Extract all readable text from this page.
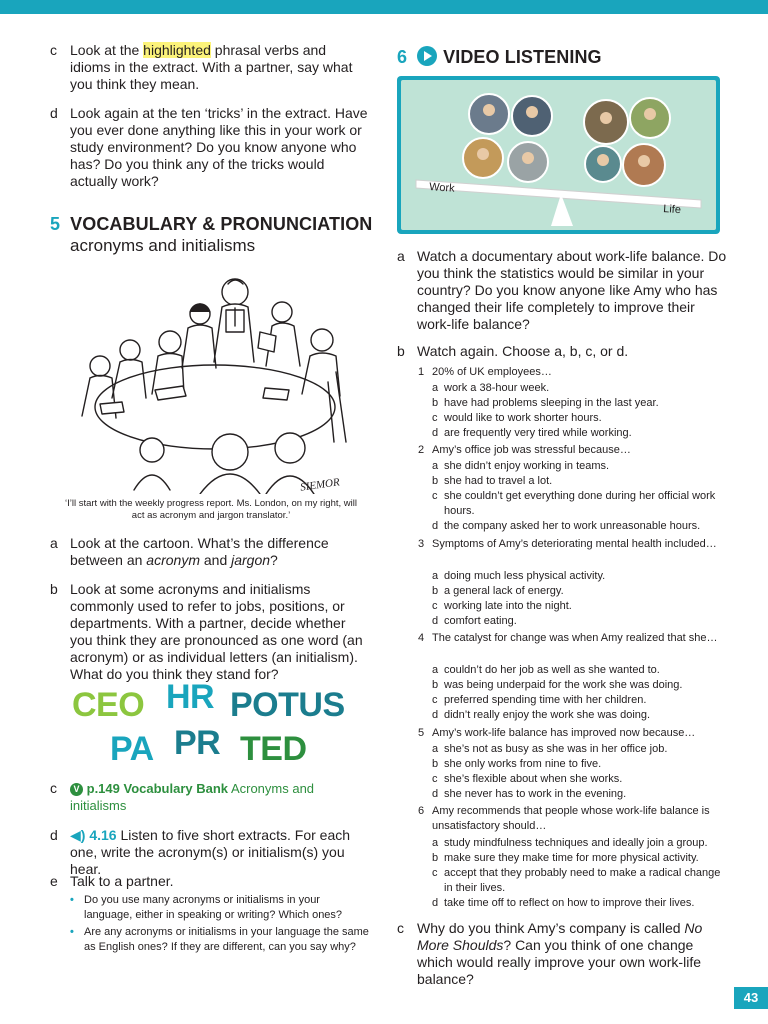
c Look at the highlighted phrasal verbs and idioms in the extract. With a partner, say what you think they mean.
d Look again at the ten ‘tricks’ in the extract. Have you ever done anything like this in your work or study environment? Do you know anyone who has? Do you think any of the tricks would actually work?
5 VOCABULARY & PRONUNCIATION
acronyms and initialisms
SIEMOR
‘I’ll start with the weekly progress report. Ms. London, on my right, will act as acronym and jargon translator.’
a Look at the cartoon. What’s the difference between an acronym and jargon?
b Look at some acronyms and initialisms commonly used to refer to jobs, positions, or departments. With a partner, decide whether you think they are pronounced as one word (an acronym) or as individual letters (an initialism). What do you think they stand for?
CEO HR POTUS
PA PR TED
c	V p.149 Vocabulary Bank Acronyms and initialisms
d ◀) 4.16 Listen to five short extracts. For each one, write the acronym(s) or initialism(s) you hear.
e Talk to a partner.
• Do you use many acronyms or initialisms in your language, either in speaking or writing? Which ones?
• Are any acronyms or initialisms in your language the same as English ones? If they are different, can you say why?
6 VIDEO LISTENING
Work
Life
a Watch a documentary about work-life balance. Do you think the statistics would be similar in your country? Do you know anyone like Amy who has changed their life completely to improve their work-life balance?
b Watch again. Choose a, b, c, or d.
1 20% of UK employees…
a work a 38-hour week.
b have had problems sleeping in the last year.
c would like to work shorter hours.
d are frequently very tired while working.
2 Amy’s office job was stressful because…
a she didn’t enjoy working in teams.
b she had to travel a lot.
c she couldn’t get everything done during her official work hours.
d the company asked her to work unreasonable hours.
3 Symptoms of Amy’s deteriorating mental health included…
a doing much less physical activity.
b a general lack of energy.
c working late into the night.
d comfort eating.
4 The catalyst for change was when Amy realized that she…
a couldn’t do her job as well as she wanted to.
b was being underpaid for the work she was doing.
c preferred spending time with her children.
d didn’t really enjoy the work she was doing.
5 Amy’s work-life balance has improved now because…
a she’s not as busy as she was in her office job.
b she only works from nine to five.
c she’s flexible about when she works.
d she never has to work in the evening.
6 Amy recommends that people whose work-life balance is unsatisfactory should…
a study mindfulness techniques and ideally join a group.
b make sure they make time for more physical activity.
c accept that they probably need to make a radical change in their lives.
d take time off to reflect on how to improve their lives.
c Why do you think Amy’s company is called No More Shoulds? Can you think of one change which would really improve your own work-life balance?
43
